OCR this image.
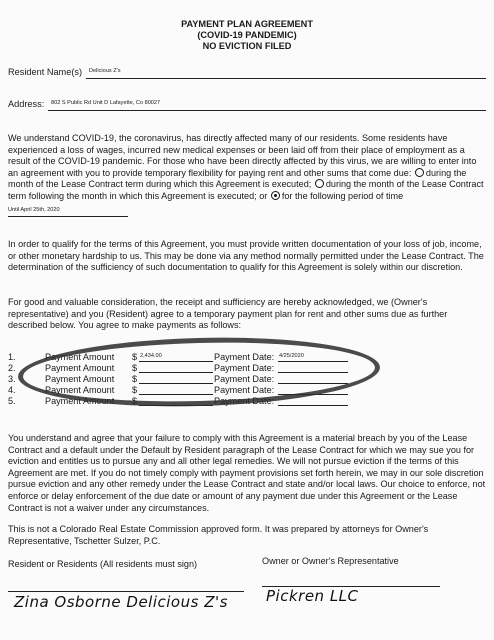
PAYMENT PLAN AGREEMENT
(COVID-19 PANDEMIC)
NO EVICTION FILED
Resident Name(s) Delicious Z's
Address: 802 S Public Rd Unit D Lafayette, Co 80027

We understand COVID-19, the coronavirus, has directly affected many of our residents. Some residents have experienced a loss of wages, incurred new medical expenses or been laid off from their place of employment as a result of the COVID-19 pandemic. For those who have been directly affected by this virus, we are willing to enter into an agreement with you to provide temporary flexibility for paying rent and other sums that come due: during the month of the Lease Contract term during which this Agreement is executed; during the month of the Lease Contract term following the month in which this Agreement is executed; or for the following period of time Until April 25th, 2020

In order to qualify for the terms of this Agreement, you must provide written documentation of your loss of job, income, or other monetary hardship to us. This may be done via any method normally permitted under the Lease Contract. The determination of the sufficiency of such documentation to qualify for this Agreement is solely within our discretion.
For good and valuable consideration, the receipt and sufficiency are hereby acknowledged, we (Owner's representative) and you (Resident) agree to a temporary payment plan for rent and other sums due as further described below. You agree to make payments as follows:
1.	Payment Amount $ 2,434.00	Payment Date: 4/25/2020
2.	Payment Amount $	Payment Date:
3.	Payment Amount $	Payment Date:
4.	Payment Amount $	Payment Date:
5.	Payment Amount $	Payment Date:
You understand and agree that your failure to comply with this Agreement is a material breach by you of the Lease Contract and a default under the Default by Resident paragraph of the Lease Contract for which we may sue you for eviction and entitles us to pursue any and all other legal remedies. We will not pursue eviction if the terms of this Agreement are met. If you do not timely comply with payment provisions set forth herein, we may in our sole discretion pursue eviction and any other remedy under the Lease Contract and state and/or local laws. Our choice to enforce, not enforce or delay enforcement of the due date or amount of any payment due under this Agreement or the Lease Contract is not a waiver under any circumstances.
This is not a Colorado Real Estate Commission approved form. It was prepared by attorneys for Owner's Representative, Tschetter Sulzer, P.C.
Resident or Residents (All residents must sign)	Owner or Owner's Representative
Zina Osborne Delicious Z's	Pickren LLC
